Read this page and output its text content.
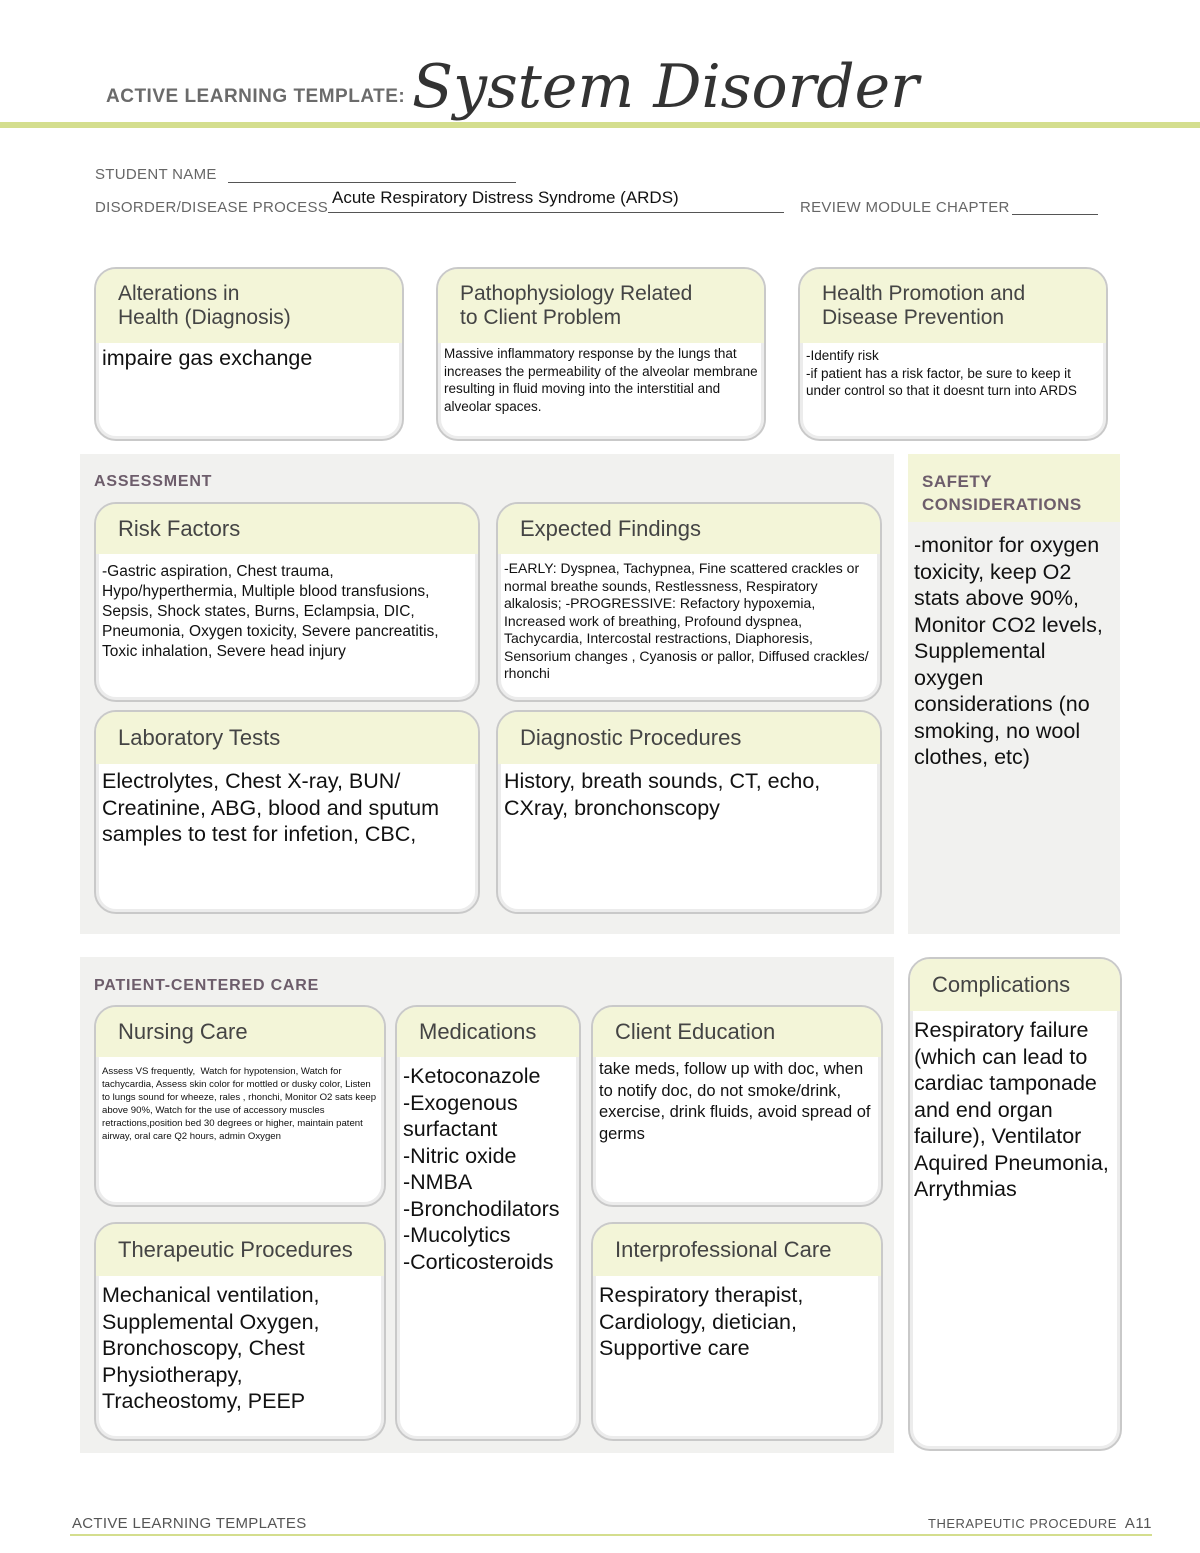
ACTIVE LEARNING TEMPLATE: System Disorder
STUDENT NAME
DISORDER/DISEASE PROCESS
Acute Respiratory Distress Syndrome (ARDS)
REVIEW MODULE CHAPTER
Alterations in
Health (Diagnosis)
impaire gas exchange
Pathophysiology Related
to Client Problem
Massive inflammatory response by the lungs that increases the permeability of the alveolar membrane resulting in fluid moving into the interstitial and alveolar spaces.
Health Promotion and
Disease Prevention
-Identify risk
-if patient has a risk factor, be sure to keep it under control so that it doesnt turn into ARDS
ASSESSMENT
Risk Factors
-Gastric aspiration, Chest trauma, Hypo/hyperthermia, Multiple blood transfusions, Sepsis, Shock states, Burns, Eclampsia, DIC, Pneumonia, Oxygen toxicity, Severe pancreatitis, Toxic inhalation, Severe head injury
Expected Findings
-EARLY: Dyspnea, Tachypnea, Fine scattered crackles or normal breathe sounds, Restlessness, Respiratory alkalosis; -PROGRESSIVE: Refactory hypoxemia, Increased work of breathing, Profound dyspnea, Tachycardia, Intercostal restractions, Diaphoresis, Sensorium changes , Cyanosis or pallor, Diffused crackles/ rhonchi
Laboratory Tests
Electrolytes, Chest X-ray, BUN/ Creatinine, ABG, blood and sputum samples to test for infetion, CBC,
Diagnostic Procedures
History, breath sounds, CT, echo, CXray, bronchonscopy
SAFETY
CONSIDERATIONS
-monitor for oxygen toxicity, keep O2 stats above 90%, Monitor CO2 levels, Supplemental oxygen considerations (no smoking, no wool clothes, etc)
PATIENT-CENTERED CARE
Nursing Care
Assess VS frequently,  Watch for hypotension, Watch for tachycardia, Assess skin color for mottled or dusky color, Listen to lungs sound for wheeze, rales , rhonchi, Monitor O2 sats keep above 90%, Watch for the use of accessory muscles retractions,position bed 30 degrees or higher, maintain patent airway, oral care Q2 hours, admin Oxygen
Medications
-Ketoconazole
-Exogenous surfactant
-Nitric oxide
-NMBA
-Bronchodilators
-Mucolytics
-Corticosteroids
Client Education
take meds, follow up with doc, when to notify doc, do not smoke/drink, exercise, drink fluids, avoid spread of germs
Therapeutic Procedures
Mechanical ventilation, Supplemental Oxygen, Bronchoscopy, Chest Physiotherapy, Tracheostomy, PEEP
Interprofessional Care
Respiratory therapist, Cardiology, dietician, Supportive care
Complications
Respiratory failure (which can lead to cardiac tamponade and end organ failure), Ventilator Aquired Pneumonia, Arrythmias
ACTIVE LEARNING TEMPLATES	THERAPEUTIC PROCEDURE A11
